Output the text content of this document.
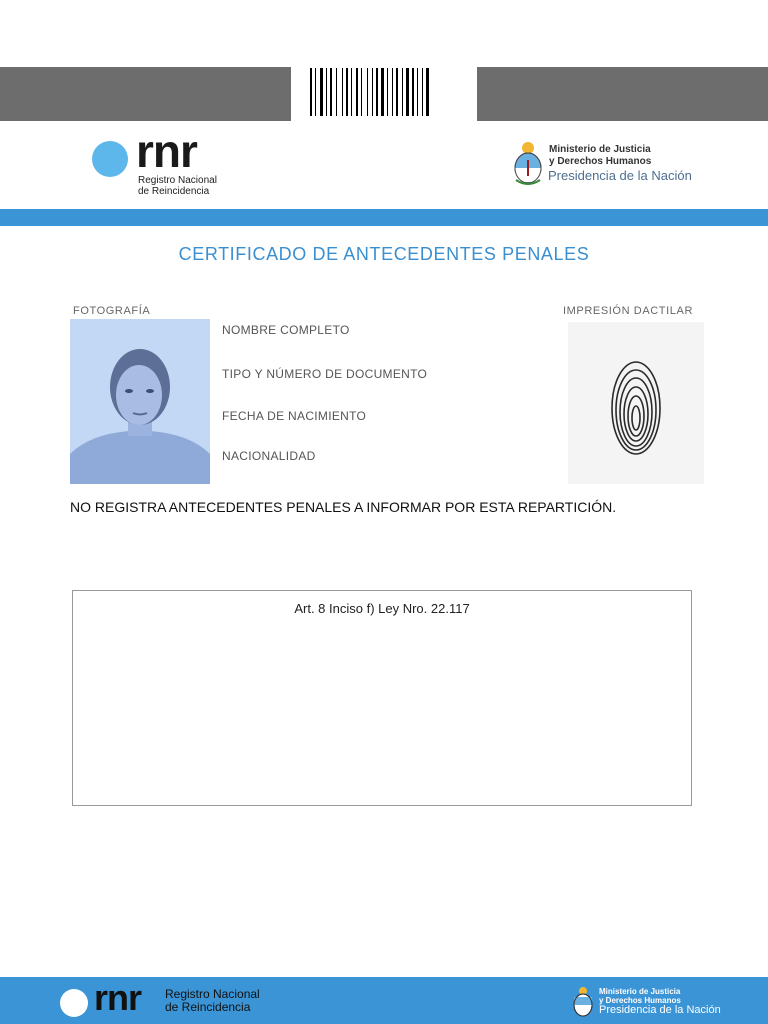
rnr
Registro Nacional
de Reincidencia
Ministerio de Justicia
y Derechos Humanos
Presidencia de la Nación
CERTIFICADO DE ANTECEDENTES PENALES
FOTOGRAFÍA	IMPRESIÓN DACTILAR
NOMBRE COMPLETO
TIPO Y NÚMERO DE DOCUMENTO
FECHA DE NACIMIENTO
NACIONALIDAD
NO REGISTRA ANTECEDENTES PENALES A INFORMAR POR ESTA REPARTICIÓN.
Art. 8 Inciso f) Ley Nro. 22.117
rnr Registro Nacional
de Reincidencia
Ministerio de Justicia
y Derechos Humanos
Presidencia de la Nación
